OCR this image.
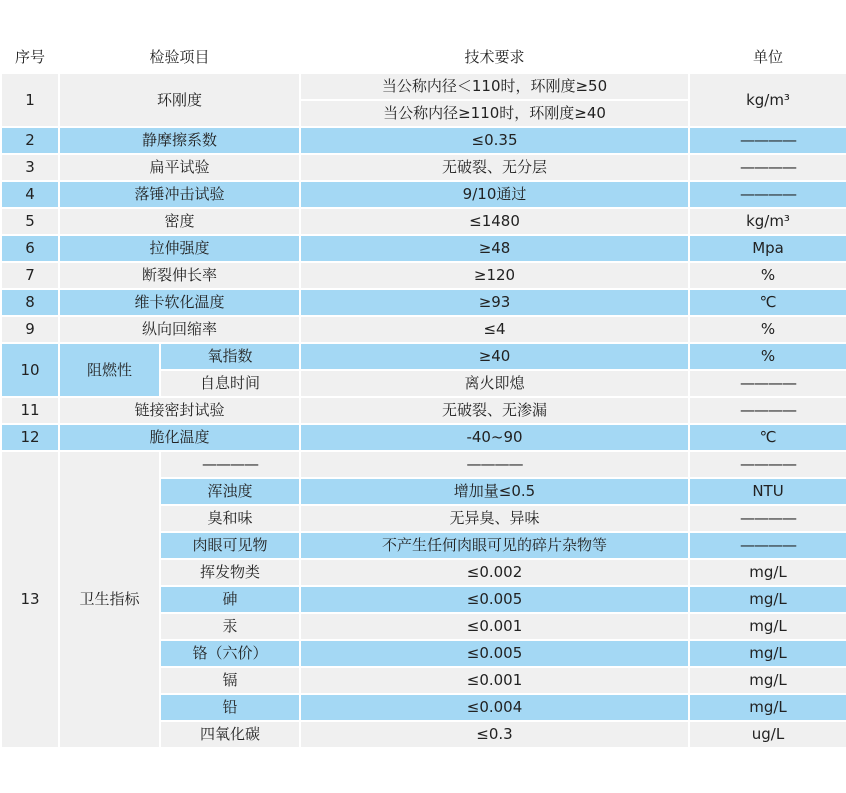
序号	检验项目		技术要求	单位
1	环刚度		当公称内径＜110时，环刚度≥50	kg/m³
			当公称内径≥110时，环刚度≥40	
2	静摩擦系数		≤0.35	————
3	扁平试验		无破裂、无分层	————
4	落锤冲击试验		9/10通过	————
5	密度		≤1480	kg/m³
6	拉伸强度		≥48	Mpa
7	断裂伸长率		≥120	%
8	维卡软化温度		≥93	℃
9	纵向回缩率		≤4	%
10	阻燃性	氧指数	≥40	%
		自息时间	离火即熄	————
11	链接密封试验		无破裂、无渗漏	————
12	脆化温度		-40~90	℃
13	卫生指标	————	————	————
		浑浊度	增加量≤0.5	NTU
		臭和味	无异臭、异味	————
		肉眼可见物	不产生任何肉眼可见的碎片杂物等	————
		挥发物类	≤0.002	mg/L
		砷	≤0.005	mg/L
		汞	≤0.001	mg/L
		铬（六价）	≤0.005	mg/L
		镉	≤0.001	mg/L
		铅	≤0.004	mg/L
		四氧化碳	≤0.3	ug/L
